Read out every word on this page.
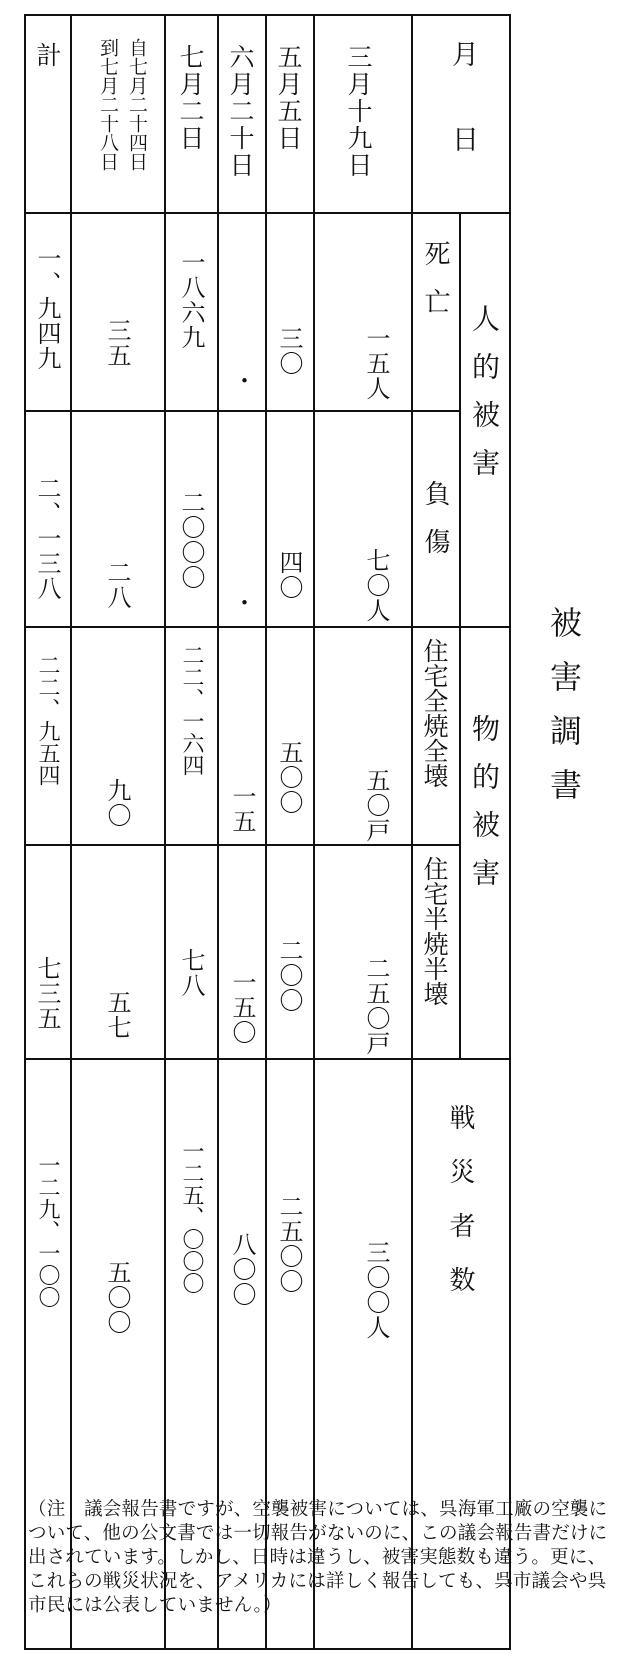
被害調書
月日
人的被害
死亡
負傷
物的被害
住宅全焼全壊
住宅半焼半壊
戦災者数
三月十九日
一五人
七〇人
五〇戸
二五〇戸
三〇〇人
五月五日
三〇
四〇
五〇〇
二〇〇
二五〇〇
六月二十日
・
・
一五
一五〇
八〇〇
七月二日
一八六九
二〇〇〇
二二、一六四
七八
一二五、〇〇〇
自七月二十四日
到七月二十八日
三五
二八
九〇
五七
五〇〇
計
一、九四九
二、一三八
二二、九五四
七三五
一二九、一〇〇

（注　議会報告書ですが、空襲被害については、呉海軍工廠の空襲について、他の公文書では一切報告がないのに、この議会報告書だけに出されています。しかし、日時は違うし、被害実態数も違う。更に、これらの戦災状況を、アメリカには詳しく報告しても、呉市議会や呉市民には公表していません。）
